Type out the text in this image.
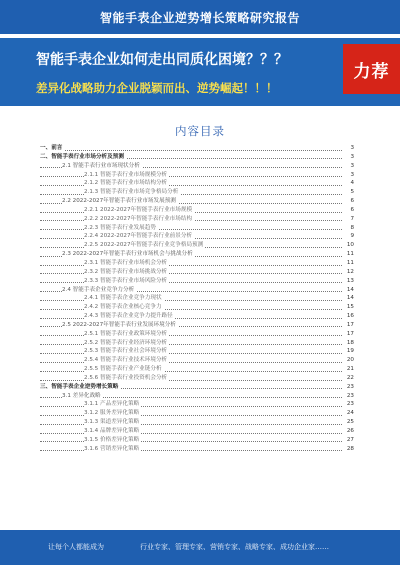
智能手表企业逆势增长策略研究报告
智能手表企业如何走出同质化困境？？？
差异化战略助力企业脱颖而出、逆势崛起！！！
力荐
内容目录
一、前言	3
二、智能手表行业市场分析及预测	3
2.1 智能手表行业市场现状分析	3
2.1.1 智能手表行业市场规模分析	3
2.1.2 智能手表行业市场结构分析	4
2.1.3 智能手表行业市场竞争格局分析	5
2.2 2022-2027年智能手表行业市场发展预测	6
2.2.1 2022-2027年智能手表行业市场规模	6
2.2.2 2022-2027年智能手表行业市场结构	7
2.2.3 智能手表行业发展趋势	8
2.2.4 2022-2027年智能手表行业前景分析	9
2.2.5 2022-2027年智能手表行业竞争格局预测	10
2.3 2022-2027年智能手表行业市场机会与挑战分析	11
2.3.1 智能手表行业市场机会分析	11
2.3.2 智能手表行业市场挑战分析	12
2.3.3 智能手表行业市场风险分析	13
2.4 智能手表企业竞争力分析	14
2.4.1 智能手表企业竞争力现状	14
2.4.2 智能手表企业核心竞争力	15
2.4.3 智能手表企业竞争力提升路径	16
2.5 2022-2027年智能手表行业发展环境分析	17
2.5.1 智能手表行业政策环境分析	17
2.5.2 智能手表行业经济环境分析	18
2.5.3 智能手表行业社会环境分析	19
2.5.4 智能手表行业技术环境分析	20
2.5.5 智能手表行业产业链分析	21
2.5.6 智能手表行业投资机会分析	22
三、智能手表企业逆势增长策略	23
3.1 差异化战略	23
3.1.1 产品差异化策略	23
3.1.2 服务差异化策略	24
3.1.3 渠道差异化策略	25
3.1.4 品牌差异化策略	26
3.1.5 价格差异化策略	27
3.1.6 营销差异化策略	28
让每个人都能成为	行业专家、管理专家、营销专家、战略专家、成功企业家……
